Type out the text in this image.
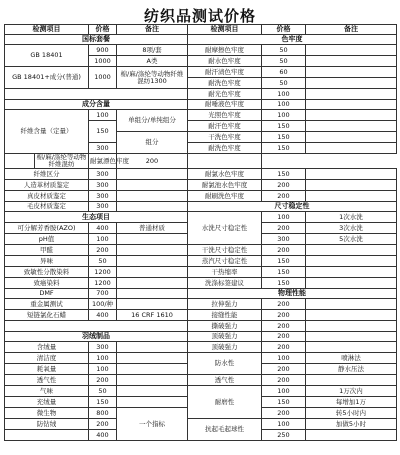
纺织品测试价格
检测项目		价格	备注	检测项目	价格	备注
国标套餐				色牢度		
GB 18401		900	8项/套	耐摩擦色牢度	50	
		1000	A类	耐水色牢度	50	
GB 18401+成分(普通)		1000	棉/麻/涤纶等动物纤维混纺1300	耐汗渍色牢度	60	
				耐洗色牢度	50	
				耐光色牢度	100	
成分含量				耐唾液色牢度	100	
纤维含量（定量）		100	单组分/单纯组分	光照色牢度	100	
		150		耐汗色牢度	150	
			组分	干洗色牢度	150	
		300		耐洗色牢度	150	
	棉/麻/涤纶等动物纤维混纺	耐氯漂色牢度	200			
纤维区分		300		耐氯水色牢度	150	
人造革材质鉴定		300		耐氯池水色牢度	200	
真皮材质鉴定		300		耐刷洗色牢度	200	
毛皮材质鉴定		300		尺寸稳定性		
生态项目				水洗尺寸稳定性	100	1次水洗
可分解芳香胺(AZO)		400	普通材质		200	3次水洗
pH值		100			300	5次水洗
甲醛		200		干洗尺寸稳定性	200	
异味		50		蒸汽尺寸稳定性	150	
致敏性分散染料		1200		干热缩率	150	
致癌染料		1200		洗涤标签建议	150	
DMF		700		物理性能		
重金属测试		100/种		拉伸强力	200	
短链氯化石蜡		400	16 CRF 1610	接缝性能	200	
				撕破强力	200	
羽绒制品				顶破强力	200	
含绒量		300		顶破强力	200	
清洁度		100		防水性	100	喷淋法
耗氧量		100			200	静水压法
透气性		200		透气性	200	
气味		50		耐磨性	100	1万次内
充绒量		150			150	每增加1万
微生物		800	一个指标		200	转5小时内
防钻绒		200		抗起毛起球性	100	加做5小时
		400			250	
